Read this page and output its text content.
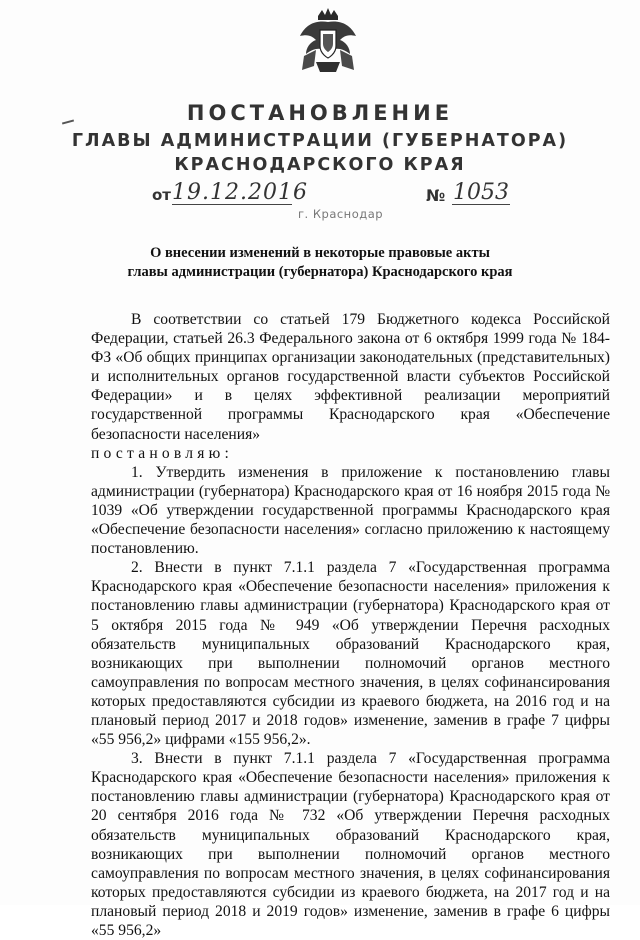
ПОСТАНОВЛЕНИЕ
ГЛАВЫ АДМИНИСТРАЦИИ (ГУБЕРНАТОРА)
КРАСНОДАРСКОГО КРАЯ
от 19.12.2016	№ 1053
г. Краснодар
О внесении изменений в некоторые правовые акты
главы администрации (губернатора) Краснодарского края

В соответствии со статьей 179 Бюджетного кодекса Российской Федерации, статьей 26.3 Федерального закона от 6 октября 1999 года № 184-ФЗ «Об общих принципах организации законодательных (представительных) и исполнительных органов государственной власти субъектов Российской Федерации» и в целях эффективной реализации мероприятий государственной программы Краснодарского края «Обеспечение безопасности населения»

постановляю:

1. Утвердить изменения в приложение к постановлению главы администрации (губернатора) Краснодарского края от 16 ноября 2015 года № 1039 «Об утверждении государственной программы Краснодарского края «Обеспечение безопасности населения» согласно приложению к настоящему постановлению.

2. Внести в пункт 7.1.1 раздела 7 «Государственная программа Краснодарского края «Обеспечение безопасности населения» приложения к постановлению главы администрации (губернатора) Краснодарского края от 5 октября 2015 года № 949 «Об утверждении Перечня расходных обязательств муниципальных образований Краснодарского края, возникающих при выполнении полномочий органов местного самоуправления по вопросам местного значения, в целях софинансирования которых предоставляются субсидии из краевого бюджета, на 2016 год и на плановый период 2017 и 2018 годов» изменение, заменив в графе 7 цифры «55 956,2» цифрами «155 956,2».

3. Внести в пункт 7.1.1 раздела 7 «Государственная программа Краснодарского края «Обеспечение безопасности населения» приложения к постановлению главы администрации (губернатора) Краснодарского края от 20 сентября 2016 года № 732 «Об утверждении Перечня расходных обязательств муниципальных образований Краснодарского края, возникающих при выполнении полномочий органов местного самоуправления по вопросам местного значения, в целях софинансирования которых предоставляются субсидии из краевого бюджета, на 2017 год и на плановый период 2018 и 2019 годов» изменение, заменив в графе 6 цифры «55 956,2»
